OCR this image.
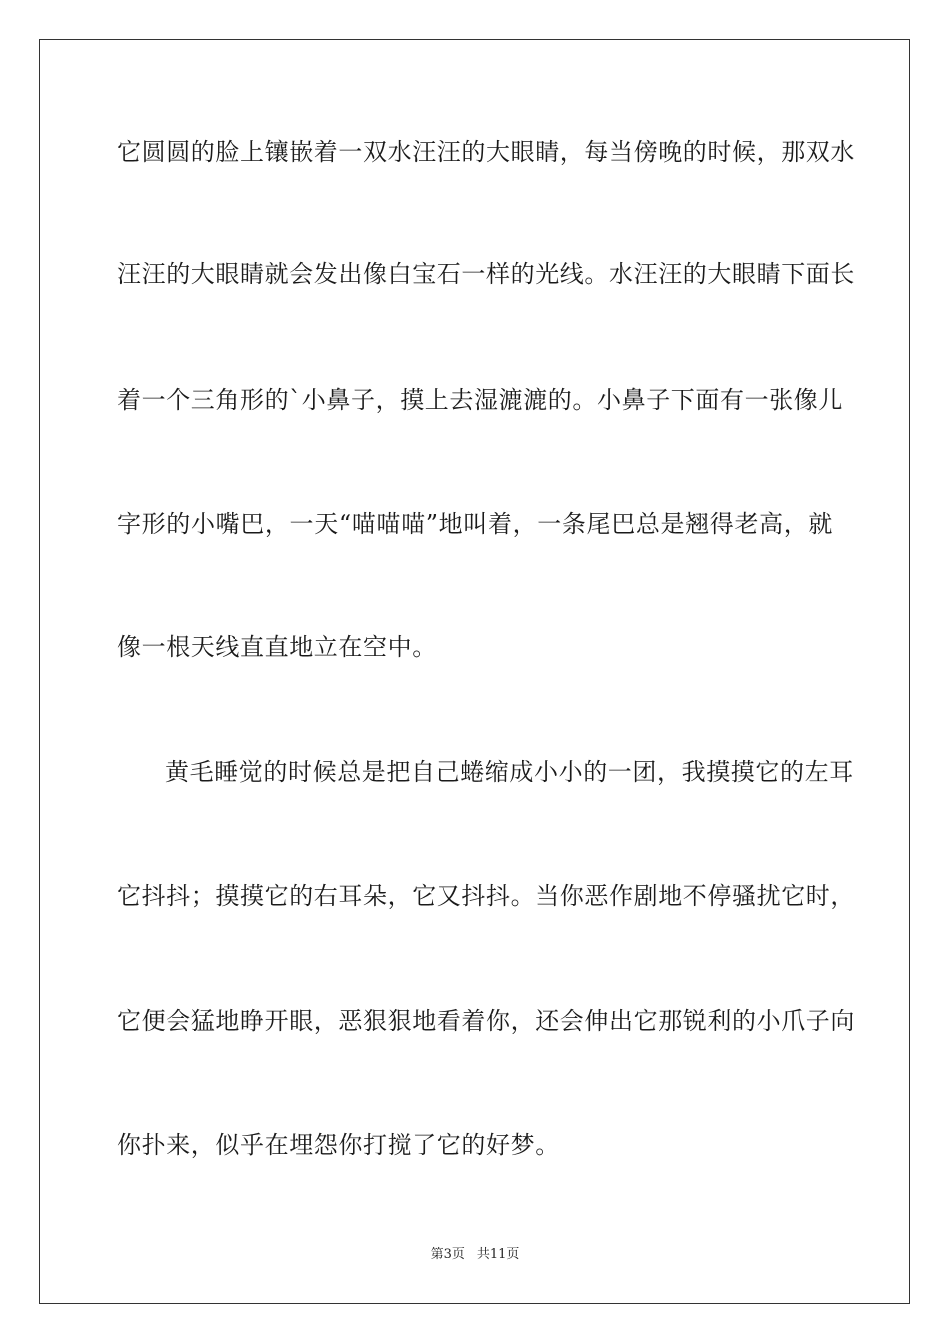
它圆圆的脸上镶嵌着一双水汪汪的大眼睛，每当傍晚的时候，那双水
汪汪的大眼睛就会发出像白宝石一样的光线。水汪汪的大眼睛下面长
着一个三角形的`小鼻子，摸上去湿漉漉的。小鼻子下面有一张像儿
字形的小嘴巴，一天“喵喵喵”地叫着，一条尾巴总是翘得老高，就
像一根天线直直地立在空中。
黄毛睡觉的时候总是把自己蜷缩成小小的一团，我摸摸它的左耳
它抖抖；摸摸它的右耳朵，它又抖抖。当你恶作剧地不停骚扰它时，
它便会猛地睁开眼，恶狠狠地看着你，还会伸出它那锐利的小爪子向
你扑来，似乎在埋怨你打搅了它的好梦。
第3页 共11页
